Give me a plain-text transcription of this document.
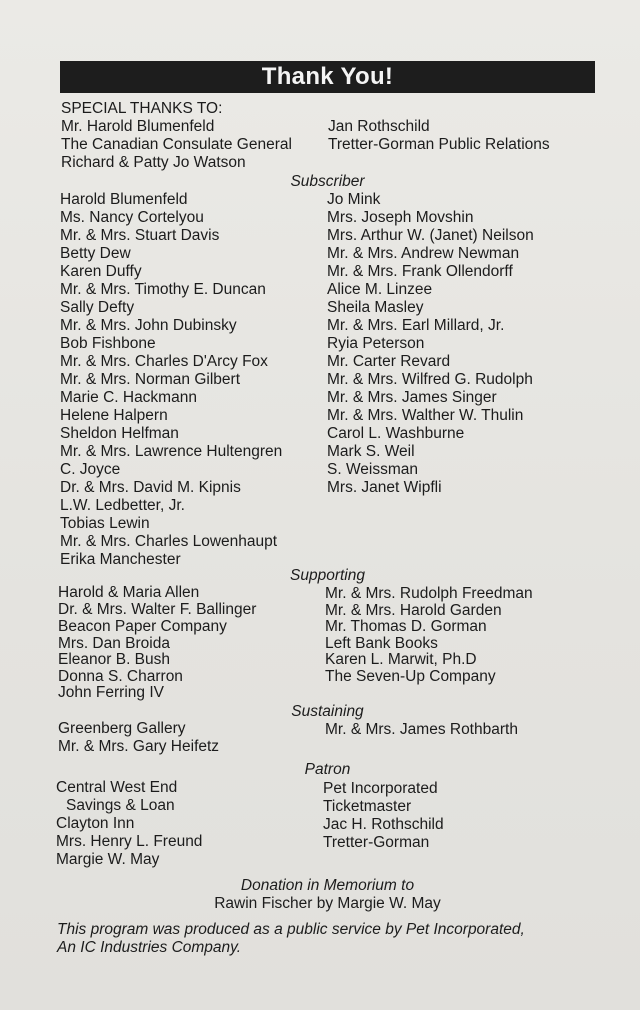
Thank You!
SPECIAL THANKS TO:
Mr. Harold Blumenfeld
The Canadian Consulate General
Richard & Patty Jo Watson
Jan Rothschild
Tretter-Gorman Public Relations
Subscriber
Harold Blumenfeld
Ms. Nancy Cortelyou
Mr. & Mrs. Stuart Davis
Betty Dew
Karen Duffy
Mr. & Mrs. Timothy E. Duncan
Sally Defty
Mr. & Mrs. John Dubinsky
Bob Fishbone
Mr. & Mrs. Charles D'Arcy Fox
Mr. & Mrs. Norman Gilbert
Marie C. Hackmann
Helene Halpern
Sheldon Helfman
Mr. & Mrs. Lawrence Hultengren
C. Joyce
Dr. & Mrs. David M. Kipnis
L.W. Ledbetter, Jr.
Tobias Lewin
Mr. & Mrs. Charles Lowenhaupt
Erika Manchester
Jo Mink
Mrs. Joseph Movshin
Mrs. Arthur W. (Janet) Neilson
Mr. & Mrs. Andrew Newman
Mr. & Mrs. Frank Ollendorff
Alice M. Linzee
Sheila Masley
Mr. & Mrs. Earl Millard, Jr.
Ryia Peterson
Mr. Carter Revard
Mr. & Mrs. Wilfred G. Rudolph
Mr. & Mrs. James Singer
Mr. & Mrs. Walther W. Thulin
Carol L. Washburne
Mark S. Weil
S. Weissman
Mrs. Janet Wipfli
Supporting
Harold & Maria Allen
Dr. & Mrs. Walter F. Ballinger
Beacon Paper Company
Mrs. Dan Broida
Eleanor B. Bush
Donna S. Charron
John Ferring IV
Mr. & Mrs. Rudolph Freedman
Mr. & Mrs. Harold Garden
Mr. Thomas D. Gorman
Left Bank Books
Karen L. Marwit, Ph.D
The Seven-Up Company
Sustaining
Greenberg Gallery
Mr. & Mrs. Gary Heifetz
Mr. & Mrs. James Rothbarth
Patron
Central West End
Savings & Loan
Clayton Inn
Mrs. Henry L. Freund
Margie W. May
Pet Incorporated
Ticketmaster
Jac H. Rothschild
Tretter-Gorman
Donation in Memorium to
Rawin Fischer by Margie W. May
This program was produced as a public service by Pet Incorporated,
An IC Industries Company.
